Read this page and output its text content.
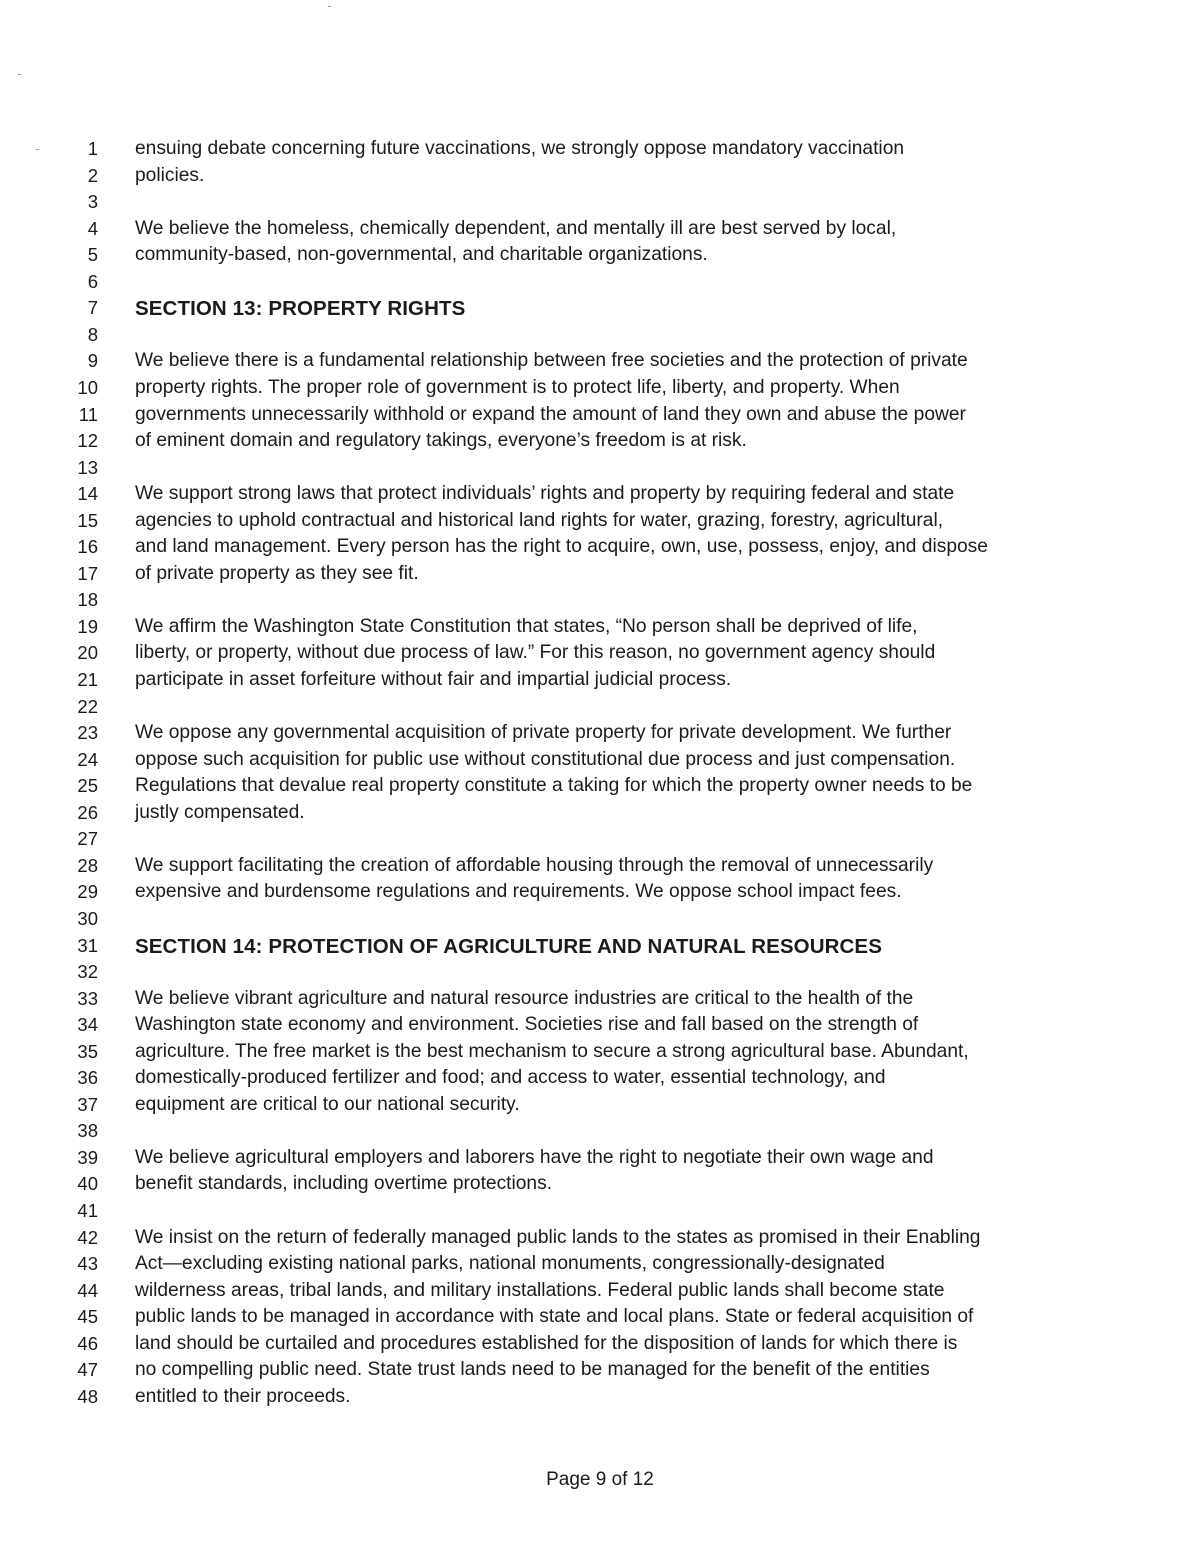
1 ensuing debate concerning future vaccinations, we strongly oppose mandatory vaccination
2 policies.
3
4 We believe the homeless, chemically dependent, and mentally ill are best served by local,
5 community-based, non-governmental, and charitable organizations.
6
7 SECTION 13: PROPERTY RIGHTS
8
9 We believe there is a fundamental relationship between free societies and the protection of private
10 property rights. The proper role of government is to protect life, liberty, and property. When
11 governments unnecessarily withhold or expand the amount of land they own and abuse the power
12 of eminent domain and regulatory takings, everyone’s freedom is at risk.
13
14 We support strong laws that protect individuals’ rights and property by requiring federal and state
15 agencies to uphold contractual and historical land rights for water, grazing, forestry, agricultural,
16 and land management. Every person has the right to acquire, own, use, possess, enjoy, and dispose
17 of private property as they see fit.
18
19 We affirm the Washington State Constitution that states, “No person shall be deprived of life,
20 liberty, or property, without due process of law.” For this reason, no government agency should
21 participate in asset forfeiture without fair and impartial judicial process.
22
23 We oppose any governmental acquisition of private property for private development. We further
24 oppose such acquisition for public use without constitutional due process and just compensation.
25 Regulations that devalue real property constitute a taking for which the property owner needs to be
26 justly compensated.
27
28 We support facilitating the creation of affordable housing through the removal of unnecessarily
29 expensive and burdensome regulations and requirements. We oppose school impact fees.
30
31 SECTION 14: PROTECTION OF AGRICULTURE AND NATURAL RESOURCES
32
33 We believe vibrant agriculture and natural resource industries are critical to the health of the
34 Washington state economy and environment. Societies rise and fall based on the strength of
35 agriculture. The free market is the best mechanism to secure a strong agricultural base. Abundant,
36 domestically-produced fertilizer and food; and access to water, essential technology, and
37 equipment are critical to our national security.
38
39 We believe agricultural employers and laborers have the right to negotiate their own wage and
40 benefit standards, including overtime protections.
41
42 We insist on the return of federally managed public lands to the states as promised in their Enabling
43 Act—excluding existing national parks, national monuments, congressionally-designated
44 wilderness areas, tribal lands, and military installations. Federal public lands shall become state
45 public lands to be managed in accordance with state and local plans. State or federal acquisition of
46 land should be curtailed and procedures established for the disposition of lands for which there is
47 no compelling public need. State trust lands need to be managed for the benefit of the entities
48 entitled to their proceeds.
Page 9 of 12
